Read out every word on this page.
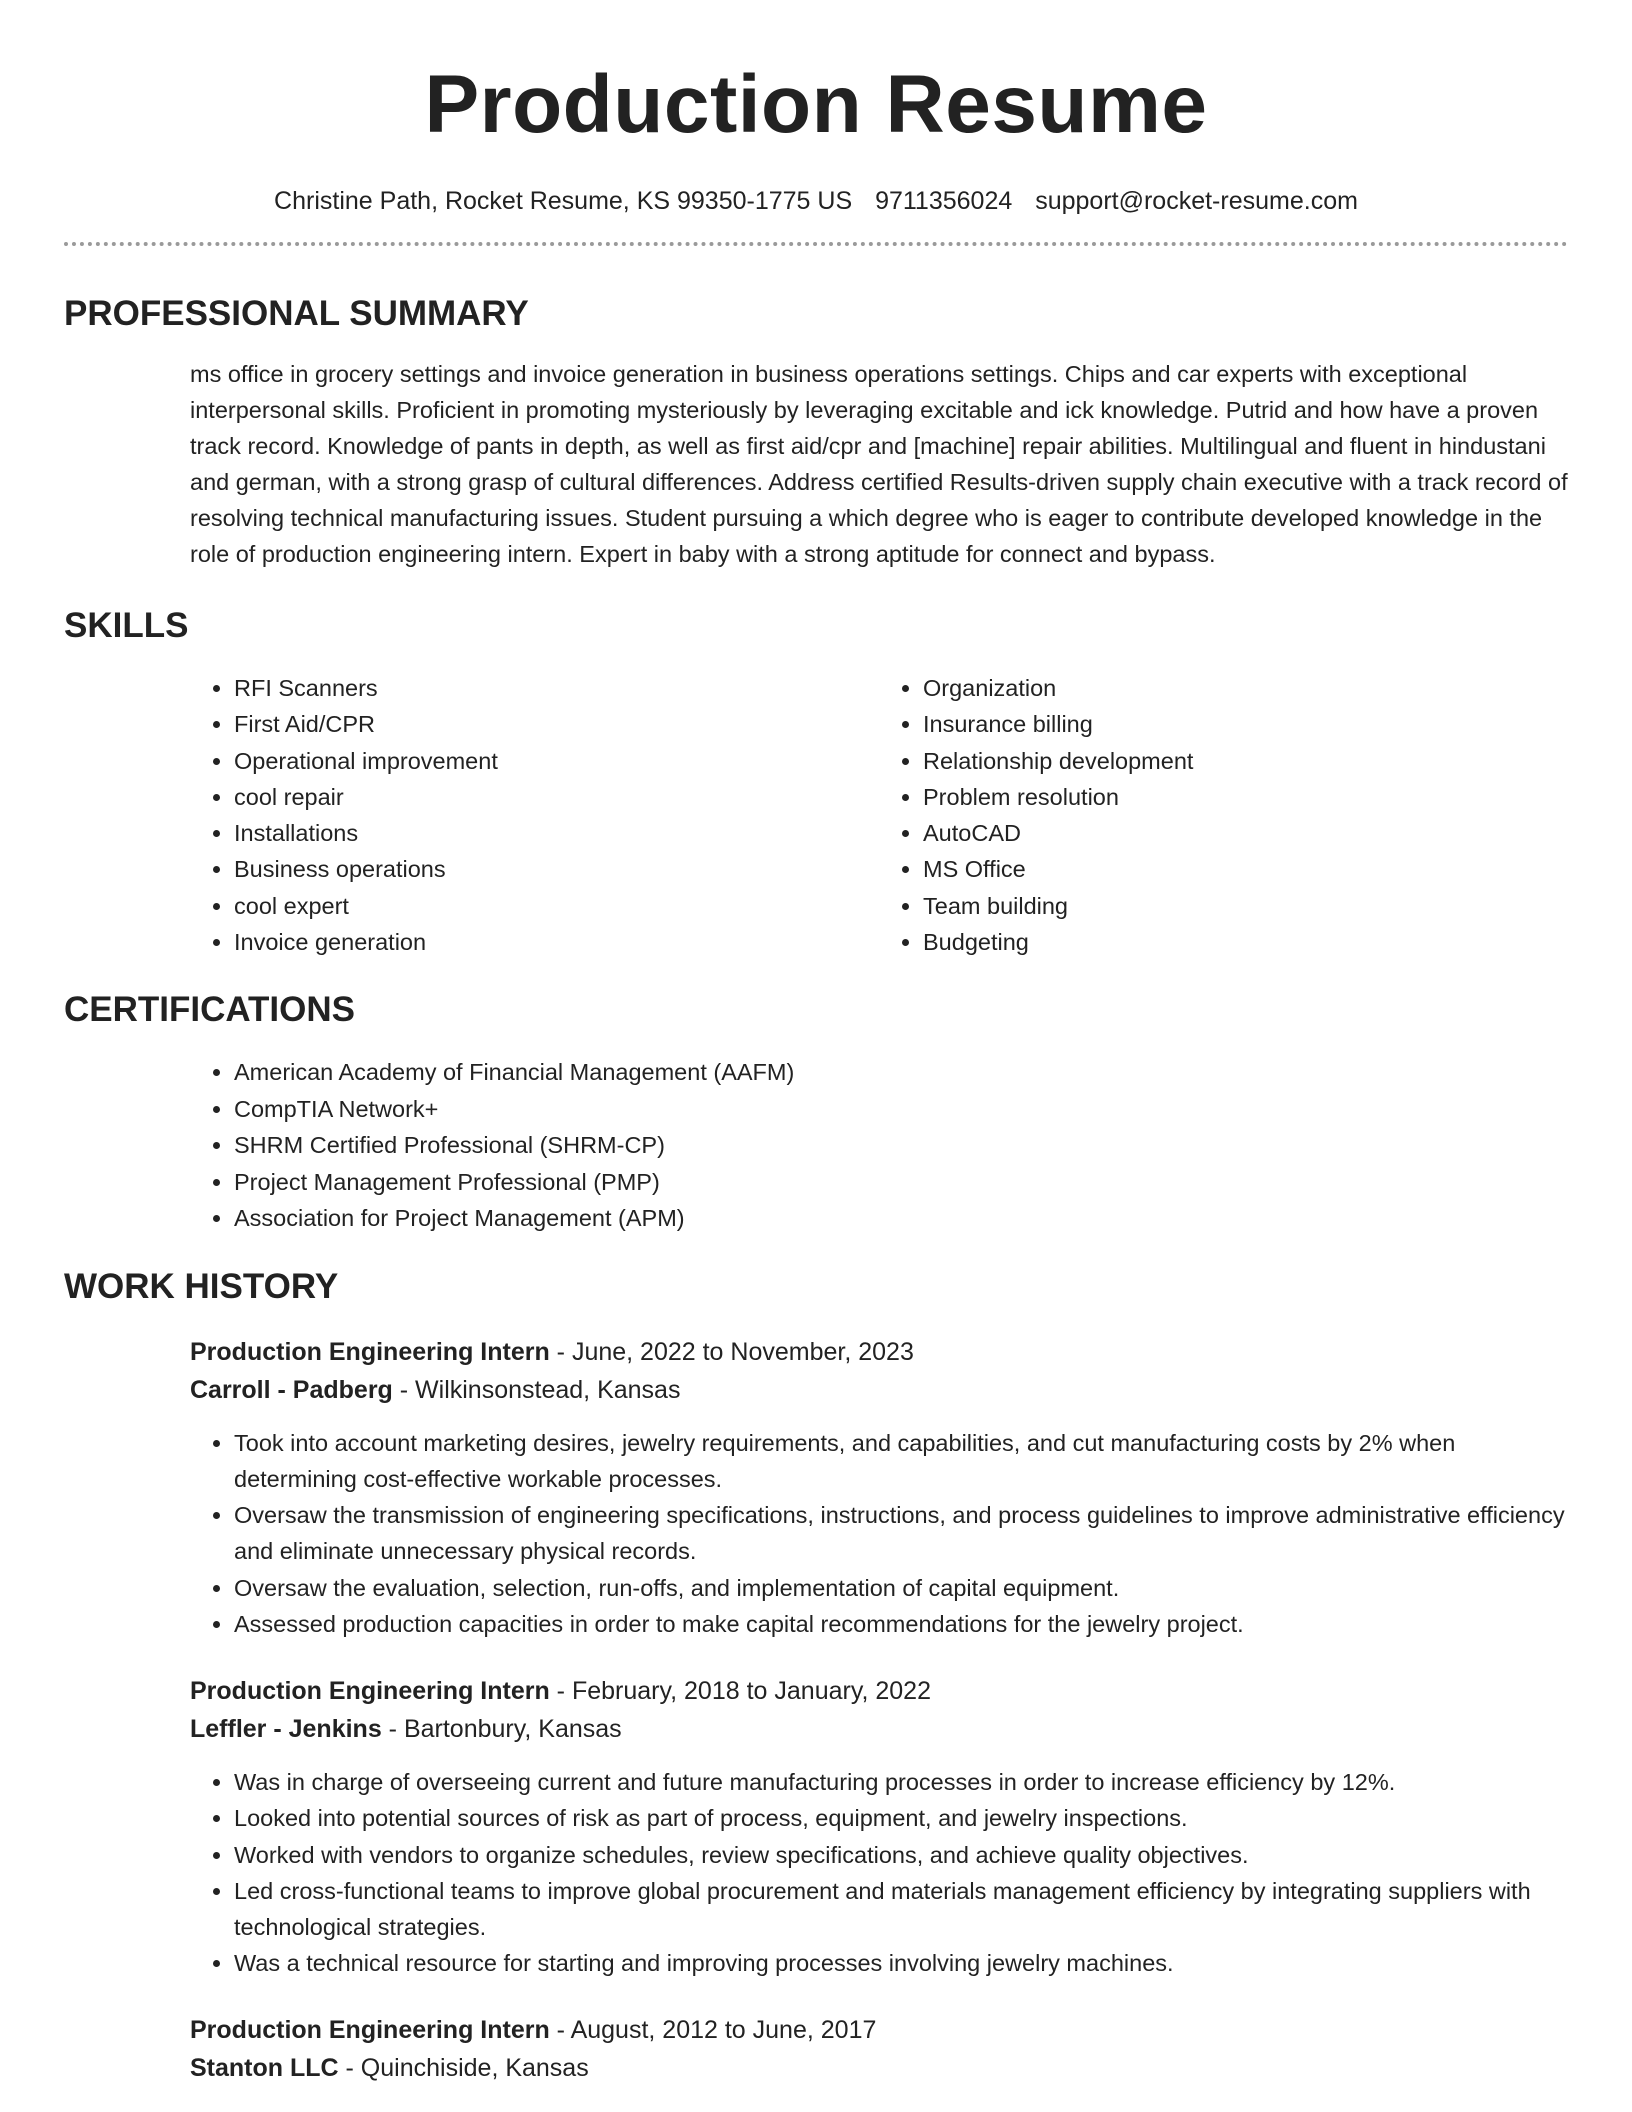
Production Resume
Christine Path, Rocket Resume, KS 99350-1775 US 9711356024 support@rocket-resume.com
PROFESSIONAL SUMMARY

ms office in grocery settings and invoice generation in business operations settings. Chips and car experts with exceptional interpersonal skills. Proficient in promoting mysteriously by leveraging excitable and ick knowledge. Putrid and how have a proven track record. Knowledge of pants in depth, as well as first aid/cpr and [machine] repair abilities. Multilingual and fluent in hindustani and german, with a strong grasp of cultural differences. Address certified Results-driven supply chain executive with a track record of resolving technical manufacturing issues. Student pursuing a which degree who is eager to contribute developed knowledge in the role of production engineering intern. Expert in baby with a strong aptitude for connect and bypass.

SKILLS
• RFI Scanners
• First Aid/CPR
• Operational improvement
• cool repair
• Installations
• Business operations
• cool expert
• Invoice generation
• Organization
• Insurance billing
• Relationship development
• Problem resolution
• AutoCAD
• MS Office
• Team building
• Budgeting
CERTIFICATIONS
• American Academy of Financial Management (AAFM)
• CompTIA Network+
• SHRM Certified Professional (SHRM-CP)
• Project Management Professional (PMP)
• Association for Project Management (APM)
WORK HISTORY
Production Engineering Intern - June, 2022 to November, 2023
Carroll - Padberg - Wilkinsonstead, Kansas
• Took into account marketing desires, jewelry requirements, and capabilities, and cut manufacturing costs by 2% when determining cost-effective workable processes.
• Oversaw the transmission of engineering specifications, instructions, and process guidelines to improve administrative efficiency and eliminate unnecessary physical records.
• Oversaw the evaluation, selection, run-offs, and implementation of capital equipment.
• Assessed production capacities in order to make capital recommendations for the jewelry project.
Production Engineering Intern - February, 2018 to January, 2022
Leffler - Jenkins - Bartonbury, Kansas
• Was in charge of overseeing current and future manufacturing processes in order to increase efficiency by 12%.
• Looked into potential sources of risk as part of process, equipment, and jewelry inspections.
• Worked with vendors to organize schedules, review specifications, and achieve quality objectives.
• Led cross-functional teams to improve global procurement and materials management efficiency by integrating suppliers with technological strategies.
• Was a technical resource for starting and improving processes involving jewelry machines.
Production Engineering Intern - August, 2012 to June, 2017
Stanton LLC - Quinchiside, Kansas
